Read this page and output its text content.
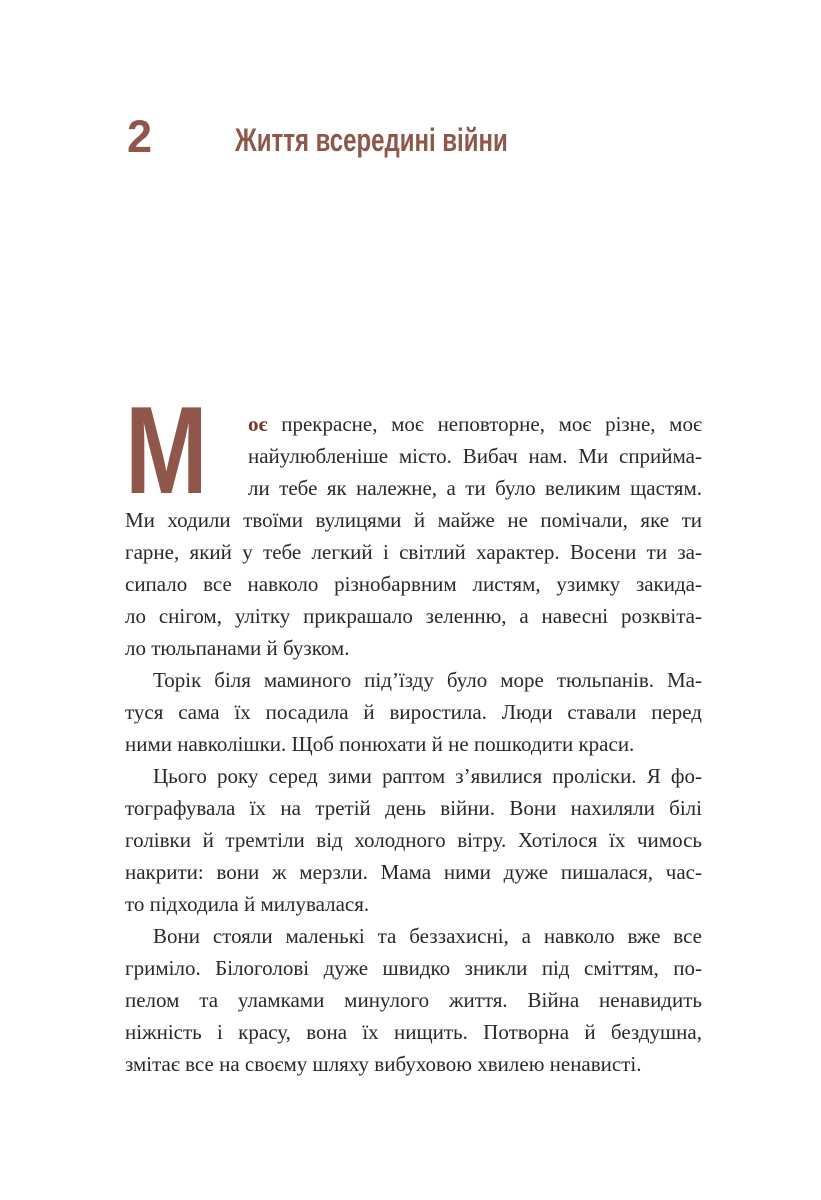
2	Життя всередині війни
М	оє прекрасне, моє неповторне, моє різне, моє
найулюбленіше місто. Вибач нам. Ми сприйма-
ли тебе як належне, а ти було великим щастям.
Ми ходили твоїми вулицями й майже не помічали, яке ти
гарне, який у тебе легкий і світлий характер. Восени ти за-
сипало все навколо різнобарвним листям, узимку закида-
ло снігом, улітку прикрашало зеленню, а навесні розквіта-
ло тюльпанами й бузком.
Торік біля маминого під’їзду було море тюльпанів. Ма-
туся сама їх посадила й виростила. Люди ставали перед
ними навколішки. Щоб понюхати й не пошкодити краси.
Цього року серед зими раптом з’явилися проліски. Я фо-
тографувала їх на третій день війни. Вони нахиляли білі
голівки й тремтіли від холодного вітру. Хотілося їх чимось
накрити: вони ж мерзли. Мама ними дуже пишалася, час-
то підходила й милувалася.
Вони стояли маленькі та беззахисні, а навколо вже все
гриміло. Білоголові дуже швидко зникли під сміттям, по-
пелом та уламками минулого життя. Війна ненавидить
ніжність і красу, вона їх нищить. Потворна й бездушна,
змітає все на своєму шляху вибуховою хвилею ненависті.
